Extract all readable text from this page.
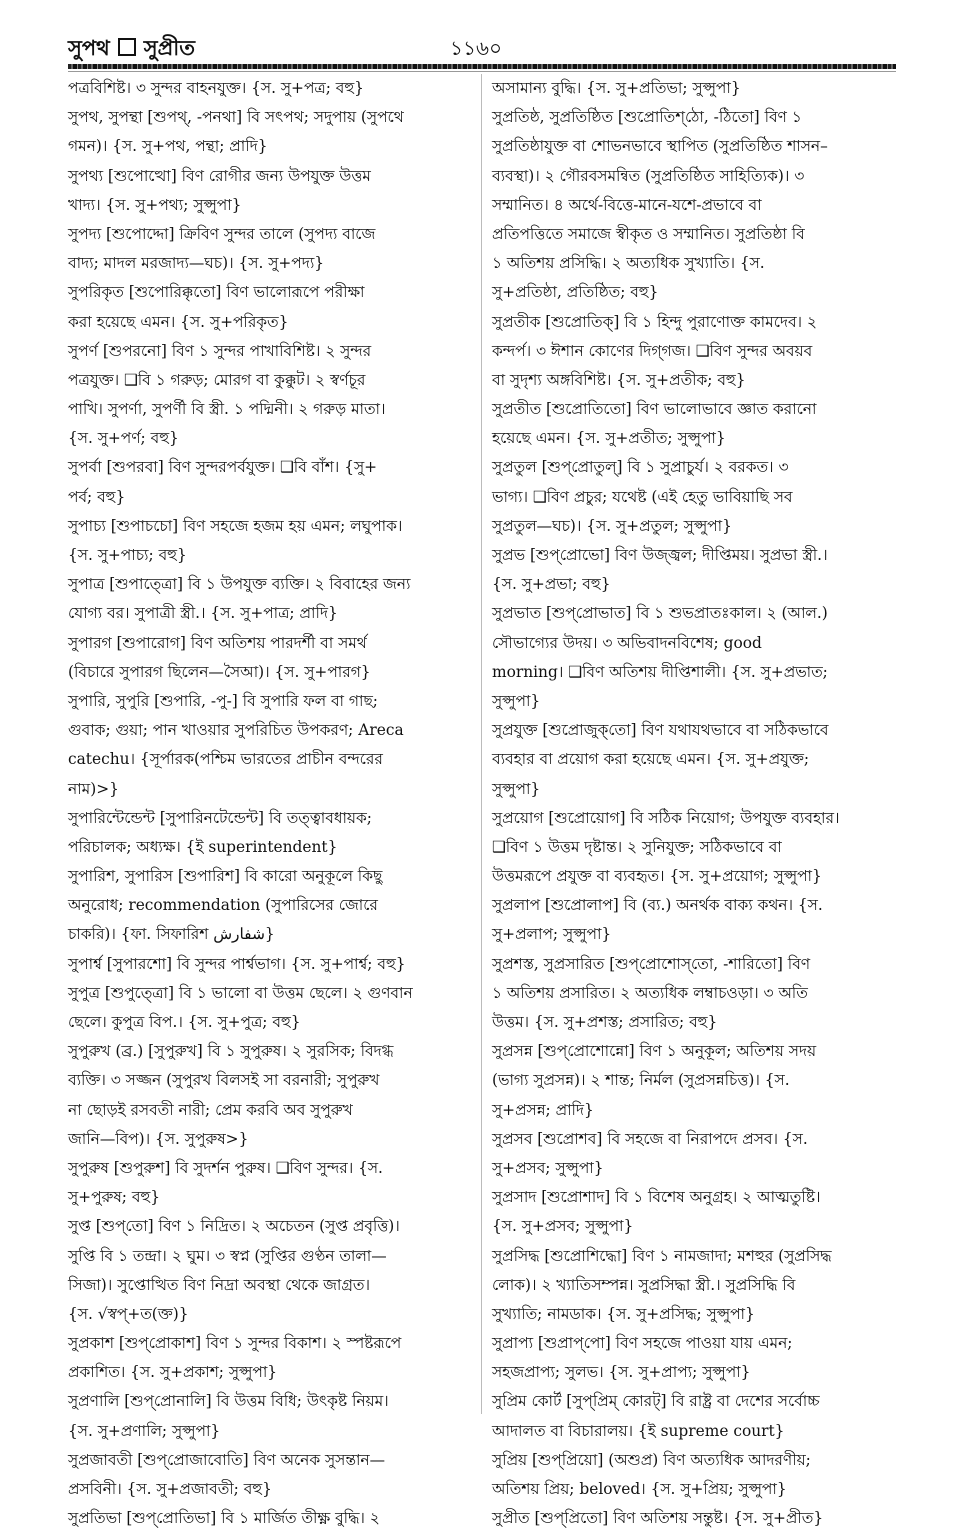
সুপথ সুপ্রীত	১১৬০
পত্রবিশিষ্ট। ৩ সুন্দর বাহনযুক্ত। {স. সু+পত্র; বহু}
সুপথ, সুপন্থা [শুপথ্, -পনথা] বি সৎপথ; সদুপায় (সুপথে
গমন)। {স. সু+পথ, পন্থা; প্রাদি}
সুপথ্য [শুপোত্থো] বিণ রোগীর জন্য উপযুক্ত উত্তম
খাদ্য। {স. সু+পথ্য; সুপ্সুপা}
সুপদ্য [শুপোদ্দো] ক্রিবিণ সুন্দর তালে (সুপদ্য বাজে
বাদ্য; মাদল মরজাদ্য—ঘচ)। {স. সু+পদ্য}
সুপরিকৃত [শুপোরিক্কৃতো] বিণ ভালোরূপে পরীক্ষা
করা হয়েছে এমন। {স. সু+পরিকৃত}
সুপর্ণ [শুপরনো] বিণ ১ সুন্দর পাখাবিশিষ্ট। ২ সুন্দর
পত্রযুক্ত। ❑বি ১ গরুড়; মোরগ বা কুক্কুট। ২ স্বর্ণচূর
পাখি। সুপর্ণা, সুপর্ণী বি স্ত্রী. ১ পদ্মিনী। ২ গরুড় মাতা।
{স. সু+পর্ণ; বহু}
সুপর্বা [শুপরবা] বিণ সুন্দরপর্বযুক্ত। ❑বি বাঁশ। {সু+
পর্ব; বহু}
সুপাচ্য [শুপাচচো] বিণ সহজে হজম হয় এমন; লঘুপাক।
{স. সু+পাচ্য; বহু}
সুপাত্র [শুপাত্ত্রো] বি ১ উপযুক্ত ব্যক্তি। ২ বিবাহের জন্য
যোগ্য বর। সুপাত্রী স্ত্রী.। {স. সু+পাত্র; প্রাদি}
সুপারগ [শুপারোগ] বিণ অতিশয় পারদর্শী বা সমর্থ
(বিচারে সুপারগ ছিলেন—সৈআ)। {স. সু+পারগ}
সুপারি, সুপুরি [শুপারি, -পু-] বি সুপারি ফল বা গাছ;
গুবাক; গুয়া; পান খাওয়ার সুপরিচিত উপকরণ; Areca
catechu। {সূর্পারক(পশ্চিম ভারতের প্রাচীন বন্দরের
নাম)>}
সুপারিন্টেন্ডেন্ট [সুপারিনটেন্ডেন্ট] বি তত্ত্বাবধায়ক;
পরিচালক; অধ্যক্ষ। {ই superintendent}
সুপারিশ, সুপারিস [শুপারিশ] বি কারো অনুকূলে কিছু
অনুরোধ; recommendation (সুপারিসের জোরে
চাকরি)। {ফা. সিফারিশ شفارش}
সুপার্শ্ব [সুপারশো] বি সুন্দর পার্শ্বভাগ। {স. সু+পার্শ্ব; বহু}
সুপুত্র [শুপুত্ত্রো] বি ১ ভালো বা উত্তম ছেলে। ২ গুণবান
ছেলে। কুপুত্র বিপ.। {স. সু+পুত্র; বহু}
সুপুরুখ (ব্র.) [সুপুরুখ] বি ১ সুপুরুষ। ২ সুরসিক; বিদগ্ধ
ব্যক্তি। ৩ সজ্জন (সুপুরখ বিলসই সা বরনারী; সুপুরুখ
না ছোড়ই রসবতী নারী; প্রেম করবি অব সুপুরুখ
জানি—বিপ)। {স. সুপুরুষ>}
সুপুরুষ [শুপুরুশ] বি সুদর্শন পুরুষ। ❑বিণ সুন্দর। {স.
সু+পুরুষ; বহু}
সুপ্ত [শুপ্‌তো] বিণ ১ নিদ্রিত। ২ অচেতন (সুপ্ত প্রবৃত্তি)।
সুপ্তি বি ১ তন্দ্রা। ২ ঘুম। ৩ স্বপ্ন (সুপ্তির গুণ্ঠন তালা—
সিজা)। সুপ্তোত্থিত বিণ নিদ্রা অবস্থা থেকে জাগ্রত।
{স. √স্বপ্+ত(ক্ত)}
সুপ্রকাশ [শুপ্‌প্রোকাশ] বিণ ১ সুন্দর বিকাশ। ২ স্পষ্টরূপে
প্রকাশিত। {স. সু+প্রকাশ; সুপ্সুপা}
সুপ্রণালি [শুপ্‌প্রোনালি] বি উত্তম বিধি; উৎকৃষ্ট নিয়ম।
{স. সু+প্রণালি; সুপ্সুপা}
সুপ্রজাবতী [শুপ্‌প্রোজাবোতি] বিণ অনেক সুসন্তান—
প্রসবিনী। {স. সু+প্রজাবতী; বহু}
সুপ্রতিভা [শুপ্‌প্রোতিভা] বি ১ মার্জিত তীক্ষ্ণ বুদ্ধি। ২
অসামান্য বুদ্ধি। {স. সু+প্রতিভা; সুপ্সুপা}
সুপ্রতিষ্ঠ, সুপ্রতিষ্ঠিত [শুপ্রোতিশ্‌ঠো, -ঠিতো] বিণ ১
সুপ্রতিষ্ঠাযুক্ত বা শোভনভাবে স্থাপিত (সুপ্রতিষ্ঠিত শাসন–
ব্যবস্থা)। ২ গৌরবসমন্বিত (সুপ্রতিষ্ঠিত সাহিত্যিক)। ৩
সম্মানিত। ৪ অর্থে-বিত্তে-মানে-যশে-প্রভাবে বা
প্রতিপত্তিতে সমাজে স্বীকৃত ও সম্মানিত। সুপ্রতিষ্ঠা বি
১ অতিশয় প্রসিদ্ধি। ২ অত্যধিক সুখ্যাতি। {স.
সু+প্রতিষ্ঠা, প্রতিষ্ঠিত; বহু}
সুপ্রতীক [শুপ্রোতিক্] বি ১ হিন্দু পুরাণোক্ত কামদেব। ২
কন্দর্প। ৩ ঈশান কোণের দিগ্‌গজ। ❑বিণ সুন্দর অবয়ব
বা সুদৃশ্য অঙ্গবিশিষ্ট। {স. সু+প্রতীক; বহু}
সুপ্রতীত [শুপ্রোতিতো] বিণ ভালোভাবে জ্ঞাত করানো
হয়েছে এমন। {স. সু+প্রতীত; সুপ্সুপা}
সুপ্রতুল [শুপ্‌প্রোতুল্] বি ১ সুপ্রাচুর্য। ২ বরকত। ৩
ভাগ্য। ❑বিণ প্রচুর; যথেষ্ট (এই হেতু ভাবিয়াছি সব
সুপ্রতুল—ঘচ)। {স. সু+প্রতুল; সুপ্সুপা}
সুপ্রভ [শুপ্‌প্রোভো] বিণ উজ্জ্বল; দীপ্তিময়। সুপ্রভা স্ত্রী.।
{স. সু+প্রভা; বহু}
সুপ্রভাত [শুপ্‌প্রোভাত] বি ১ শুভপ্রাতঃকাল। ২ (আল.)
সৌভাগ্যের উদয়। ৩ অভিবাদনবিশেষ; good
morning। ❑বিণ অতিশয় দীপ্তিশালী। {স. সু+প্রভাত;
সুপ্সুপা}
সুপ্রযুক্ত [শুপ্রোজুক্‌তো] বিণ যথাযথভাবে বা সঠিকভাবে
ব্যবহার বা প্রয়োগ করা হয়েছে এমন। {স. সু+প্রযুক্ত;
সুপ্সুপা}
সুপ্রয়োগ [শুপ্রোয়োগ] বি সঠিক নিয়োগ; উপযুক্ত ব্যবহার।
❑বিণ ১ উত্তম দৃষ্টান্ত। ২ সুনিযুক্ত; সঠিকভাবে বা
উত্তমরূপে প্রযুক্ত বা ব্যবহৃত। {স. সু+প্রয়োগ; সুপ্সুপা}
সুপ্রলাপ [শুপ্রোলাপ] বি (ব্য.) অনর্থক বাক্য কথন। {স.
সু+প্রলাপ; সুপ্সুপা}
সুপ্রশস্ত, সুপ্রসারিত [শুপ্‌প্রোশোস্‌তো, -শারিতো] বিণ
১ অতিশয় প্রসারিত। ২ অত্যধিক লম্বাচওড়া। ৩ অতি
উত্তম। {স. সু+প্রশস্ত; প্রসারিত; বহু}
সুপ্রসন্ন [শুপ্‌প্রোশোন্নো] বিণ ১ অনুকূল; অতিশয় সদয়
(ভাগ্য সুপ্রসন্ন)। ২ শান্ত; নির্মল (সুপ্রসন্নচিত্ত)। {স.
সু+প্রসন্ন; প্রাদি}
সুপ্রসব [শুপ্রোশব] বি সহজে বা নিরাপদে প্রসব। {স.
সু+প্রসব; সুপ্সুপা}
সুপ্রসাদ [শুপ্রোশাদ] বি ১ বিশেষ অনুগ্রহ। ২ আত্মতুষ্টি।
{স. সু+প্রসব; সুপ্সুপা}
সুপ্রসিদ্ধ [শুপ্রোশিদ্ধো] বিণ ১ নামজাদা; মশহুর (সুপ্রসিদ্ধ
লোক)। ২ খ্যাতিসম্পন্ন। সুপ্রসিদ্ধা স্ত্রী.। সুপ্রসিদ্ধি বি
সুখ্যাতি; নামডাক। {স. সু+প্রসিদ্ধ; সুপ্সুপা}
সুপ্রাপ্য [শুপ্রাপ্‌পো] বিণ সহজে পাওয়া যায় এমন;
সহজপ্রাপ্য; সুলভ। {স. সু+প্রাপ্য; সুপ্সুপা}
সুপ্রিম কোর্ট [সুপ্‌প্রিম্ কোরট্] বি রাষ্ট্র বা দেশের সর্বোচ্চ
আদালত বা বিচারালয়। {ই supreme court}
সুপ্রিয় [শুপ্‌প্রিয়ো] (অশুপ্র) বিণ অত্যধিক আদরণীয়;
অতিশয় প্রিয়; beloved। {স. সু+প্রিয়; সুপ্সুপা}
সুপ্রীত [শুপ্‌প্রিতো] বিণ অতিশয় সন্তুষ্ট। {স. সু+প্রীত}
